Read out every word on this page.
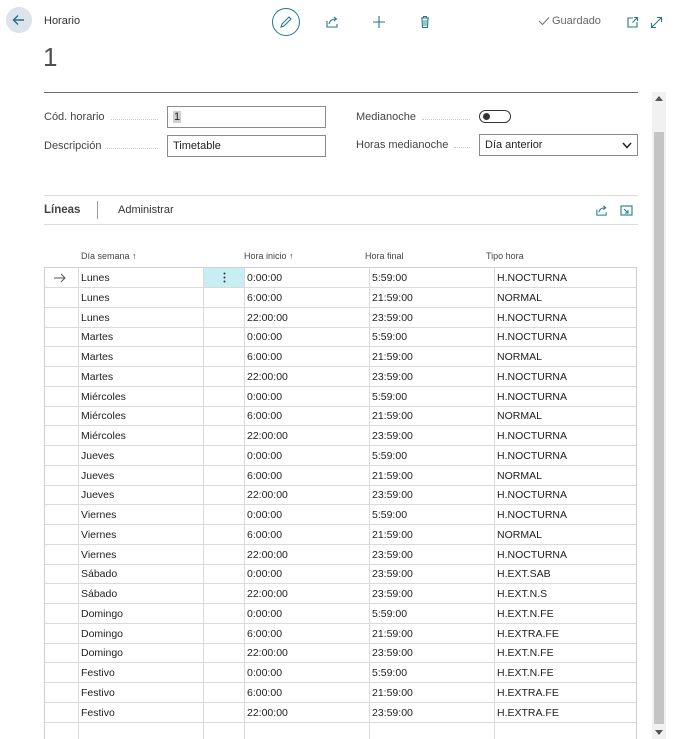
Horario
1
Guardado
Cód. horario	1
Descripción	Timetable
Medianoche
Horas medianoche	Día anterior
Líneas	Administrar
Día semana ↑	Hora inicio ↑	Hora final	Tipo hora
Lunes	0:00:00	5:59:00	H.NOCTURNA
Lunes	6:00:00	21:59:00	NORMAL
Lunes	22:00:00	23:59:00	H.NOCTURNA
Martes	0:00:00	5:59:00	H.NOCTURNA
Martes	6:00:00	21:59:00	NORMAL
Martes	22:00:00	23:59:00	H.NOCTURNA
Miércoles	0:00:00	5:59:00	H.NOCTURNA
Miércoles	6:00:00	21:59:00	NORMAL
Miércoles	22:00:00	23:59:00	H.NOCTURNA
Jueves	0:00:00	5:59:00	H.NOCTURNA
Jueves	6:00:00	21:59:00	NORMAL
Jueves	22:00:00	23:59:00	H.NOCTURNA
Viernes	0:00:00	5:59:00	H.NOCTURNA
Viernes	6:00:00	21:59:00	NORMAL
Viernes	22:00:00	23:59:00	H.NOCTURNA
Sábado	0:00:00	23:59:00	H.EXT.SAB
Sábado	22:00:00	23:59:00	H.EXT.N.S
Domingo	0:00:00	5:59:00	H.EXT.N.FE
Domingo	6:00:00	21:59:00	H.EXTRA.FE
Domingo	22:00:00	23:59:00	H.EXT.N.FE
Festivo	0:00:00	5:59:00	H.EXT.N.FE
Festivo	6:00:00	21:59:00	H.EXTRA.FE
Festivo	22:00:00	23:59:00	H.EXTRA.FE
